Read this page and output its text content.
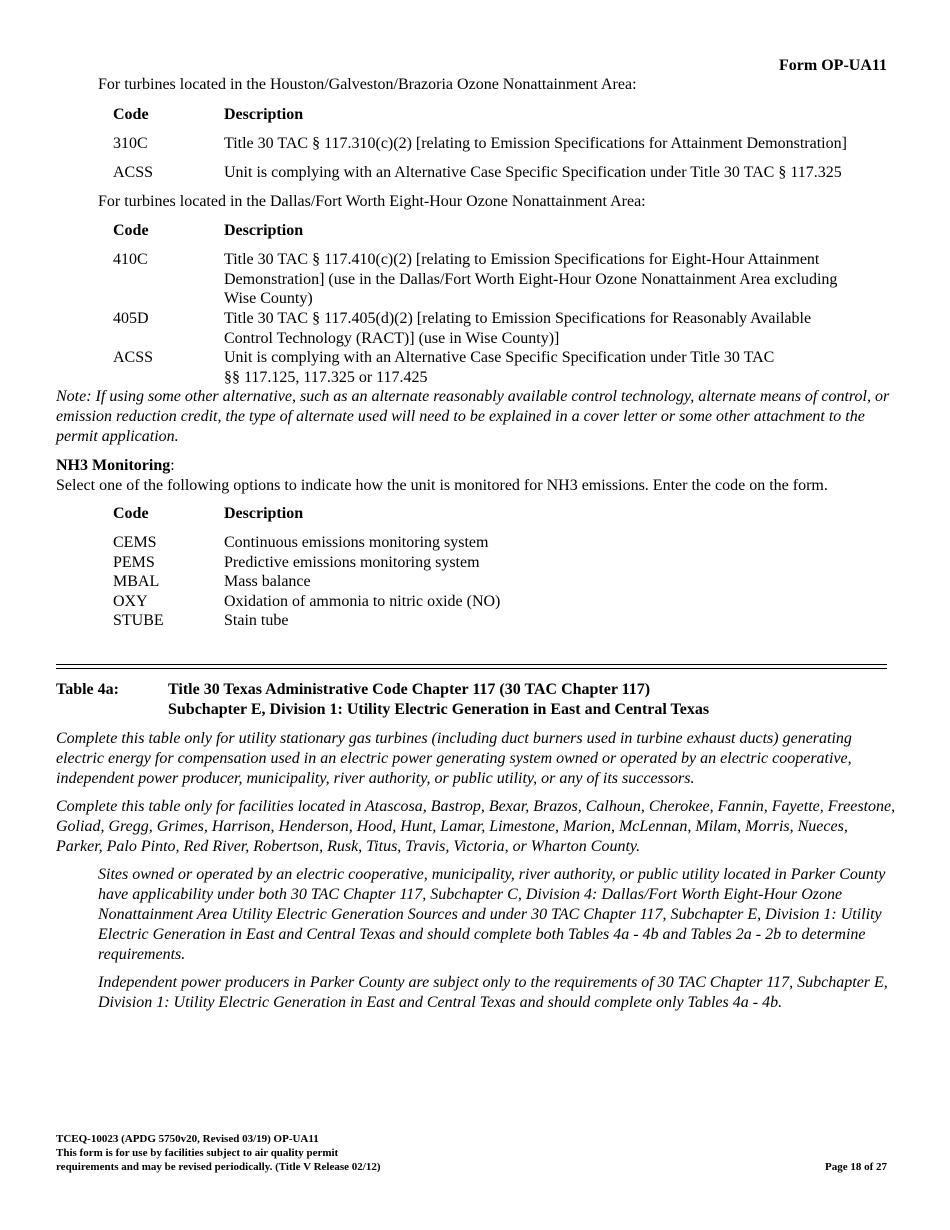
Form OP-UA11
For turbines located in the Houston/Galveston/Brazoria Ozone Nonattainment Area:
Code	Description
310C	Title 30 TAC § 117.310(c)(2) [relating to Emission Specifications for Attainment Demonstration]
ACSS	Unit is complying with an Alternative Case Specific Specification under Title 30 TAC § 117.325
For turbines located in the Dallas/Fort Worth Eight-Hour Ozone Nonattainment Area:
Code	Description
410C	Title 30 TAC § 117.410(c)(2) [relating to Emission Specifications for Eight-Hour Attainment
Demonstration] (use in the Dallas/Fort Worth Eight-Hour Ozone Nonattainment Area excluding
Wise County)
405D	Title 30 TAC § 117.405(d)(2) [relating to Emission Specifications for Reasonably Available
Control Technology (RACT)] (use in Wise County)]
ACSS	Unit is complying with an Alternative Case Specific Specification under Title 30 TAC
§§ 117.125, 117.325 or 117.425
Note: If using some other alternative, such as an alternate reasonably available control technology, alternate means of control, or emission reduction credit, the type of alternate used will need to be explained in a cover letter or some other attachment to the permit application.
NH3 Monitoring:
Select one of the following options to indicate how the unit is monitored for NH3 emissions. Enter the code on the form.
Code	Description
CEMS	Continuous emissions monitoring system
PEMS	Predictive emissions monitoring system
MBAL	Mass balance
OXY	Oxidation of ammonia to nitric oxide (NO)
STUBE	Stain tube
Table 4a:	Title 30 Texas Administrative Code Chapter 117 (30 TAC Chapter 117)
Subchapter E, Division 1: Utility Electric Generation in East and Central Texas
Complete this table only for utility stationary gas turbines (including duct burners used in turbine exhaust ducts) generating electric energy for compensation used in an electric power generating system owned or operated by an electric cooperative, independent power producer, municipality, river authority, or public utility, or any of its successors.
Complete this table only for facilities located in Atascosa, Bastrop, Bexar, Brazos, Calhoun, Cherokee, Fannin, Fayette, Freestone, Goliad, Gregg, Grimes, Harrison, Henderson, Hood, Hunt, Lamar, Limestone, Marion, McLennan, Milam, Morris, Nueces, Parker, Palo Pinto, Red River, Robertson, Rusk, Titus, Travis, Victoria, or Wharton County.
Sites owned or operated by an electric cooperative, municipality, river authority, or public utility located in Parker County have applicability under both 30 TAC Chapter 117, Subchapter C, Division 4: Dallas/Fort Worth Eight-Hour Ozone Nonattainment Area Utility Electric Generation Sources and under 30 TAC Chapter 117, Subchapter E, Division 1: Utility Electric Generation in East and Central Texas and should complete both Tables 4a - 4b and Tables 2a - 2b to determine requirements.
Independent power producers in Parker County are subject only to the requirements of 30 TAC Chapter 117, Subchapter E, Division 1: Utility Electric Generation in East and Central Texas and should complete only Tables 4a - 4b.
TCEQ-10023 (APDG 5750v20, Revised 03/19) OP-UA11
This form is for use by facilities subject to air quality permit
requirements and may be revised periodically. (Title V Release 02/12)	Page 18 of 27
